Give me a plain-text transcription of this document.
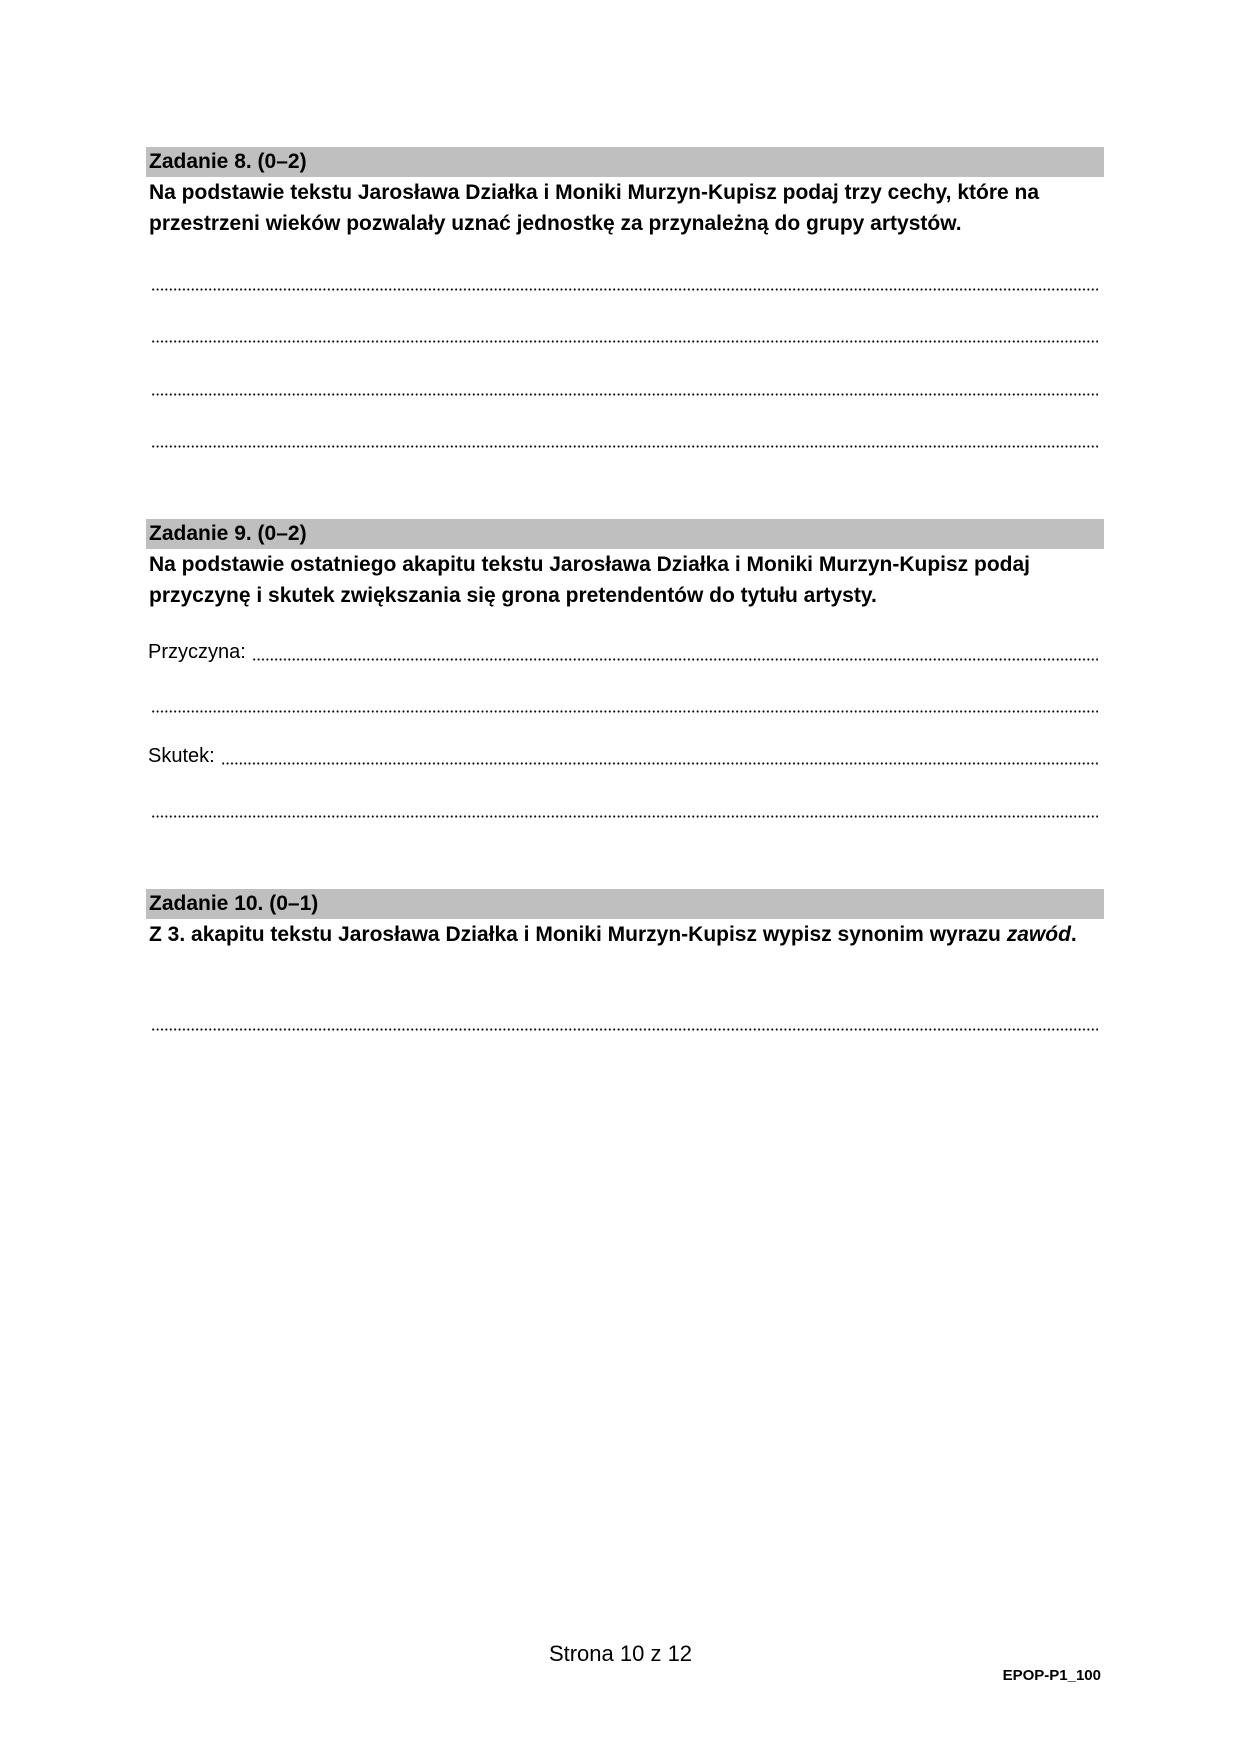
Zadanie 8. (0–2)
Na podstawie tekstu Jarosława Działka i Moniki Murzyn-Kupisz podaj trzy cechy, które na przestrzeni wieków pozwalały uznać jednostkę za przynależną do grupy artystów.
Zadanie 9. (0–2)
Na podstawie ostatniego akapitu tekstu Jarosława Działka i Moniki Murzyn-Kupisz podaj przyczynę i skutek zwiększania się grona pretendentów do tytułu artysty.
Przyczyna:
Skutek:
Zadanie 10. (0–1)
Z 3. akapitu tekstu Jarosława Działka i Moniki Murzyn-Kupisz wypisz synonim wyrazu zawód.
Strona 10 z 12
EPOP-P1_100
